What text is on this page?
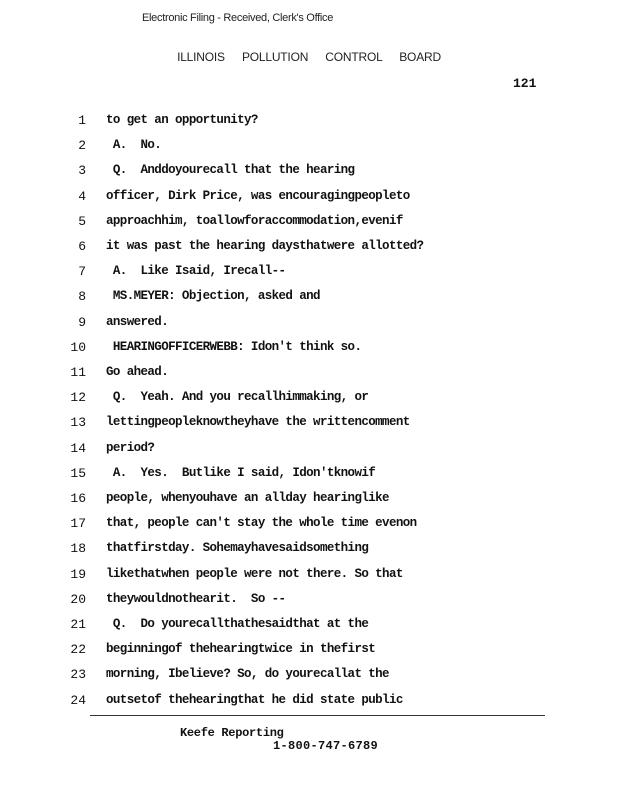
Electronic Filing - Received, Clerk's Office
ILLINOIS POLLUTION CONTROL BOARD
121
1 to get an opportunity?
2 A.  No.
3 Q.  Anddoyourecall that the hearing
4 officer, Dirk Price, was encouragingpeopleto
5 approachhim, toallowforaccommodation,evenif
6 it was past the hearing daysthatwere allotted?
7 A.  Like Isaid, Irecall--
8 MS.MEYER: Objection, asked and
9 answered.
10 HEARINGOFFICERWEBB: Idon't think so.
11 Go ahead.
12 Q.  Yeah. And you recallhimmaking, or
13 lettingpeopleknowtheyhave the writtencomment
14 period?
15 A.  Yes.  Butlike I said, Idon'tknowif
16 people, whenyouhave an allday hearinglike
17 that, people can't stay the whole time evenon
18 thatfirstday. Sohemayhavesaidsomething
19 likethatwhen people were not there. So that
20 theywouldnothearit.  So --
21 Q.  Do yourecallthathesaidthat at the
22 beginningof thehearingtwice in thefirst
23 morning, Ibelieve? So, do yourecallat the
24 outsetof thehearingthat he did state public
Keefe Reporting
1-800-747-6789
